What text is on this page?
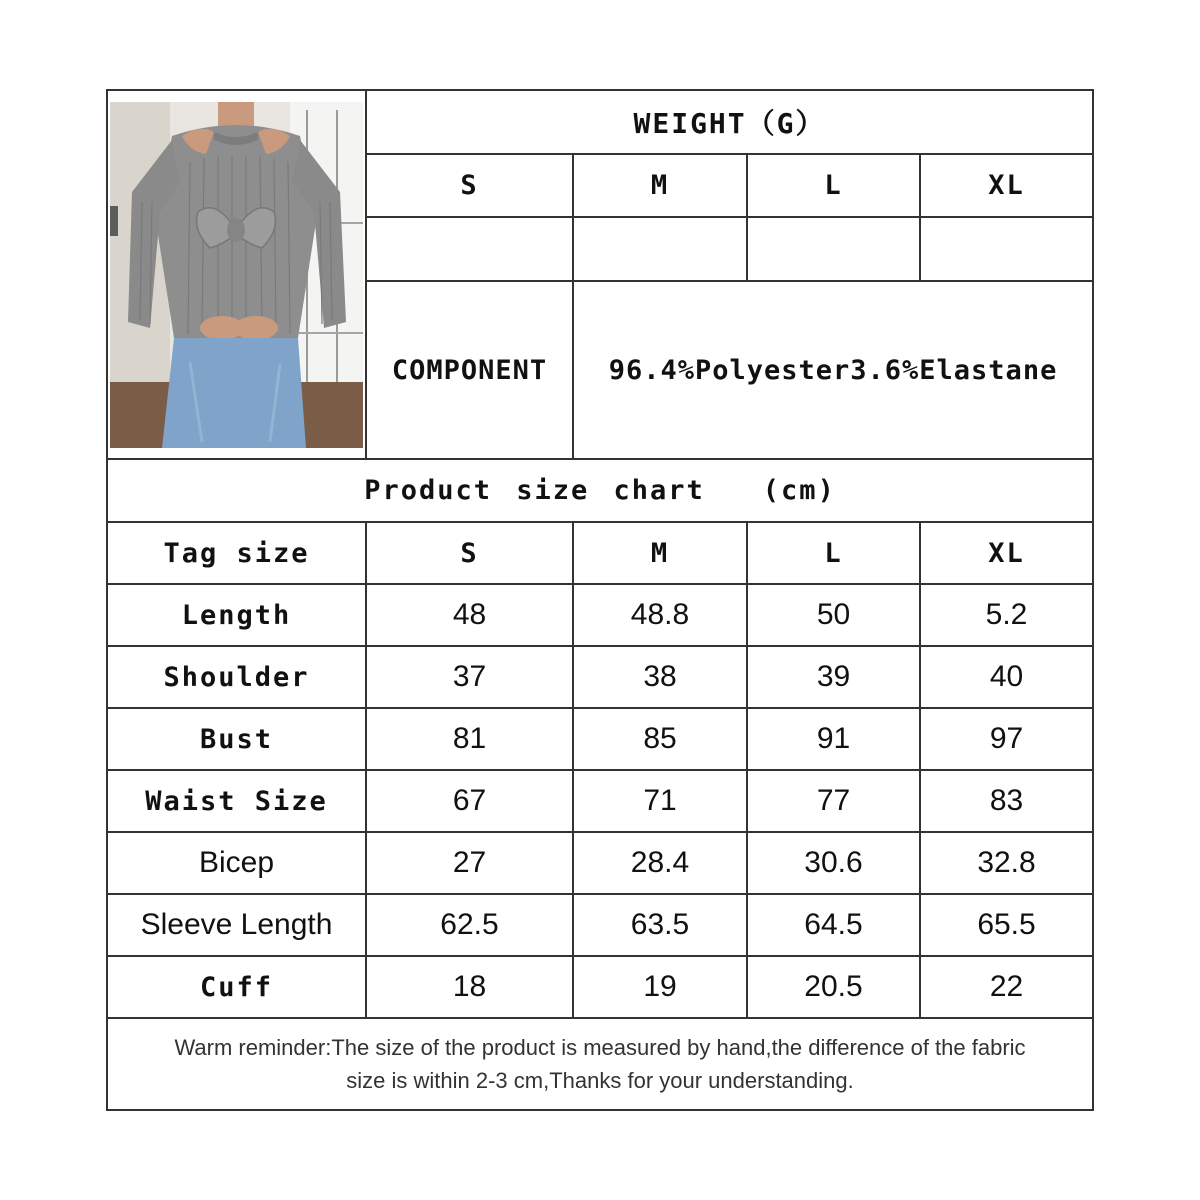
	WEIGHT（G）			
	S	M	L	XL

	COMPONENT	96.4%Polyester3.6%Elastane		
Product size chart (cm)				
Tag size	S	M	L	XL
Length	48	48.8	50	5.2
Shoulder	37	38	39	40
Bust	81	85	91	97
Waist Size	67	71	77	83
Bicep	27	28.4	30.6	32.8
Sleeve Length	62.5	63.5	64.5	65.5
Cuff	18	19	20.5	22

Warm reminder:The size of the product is measured by hand,the difference of the fabric
size is within 2-3 cm,Thanks for your understanding.				
